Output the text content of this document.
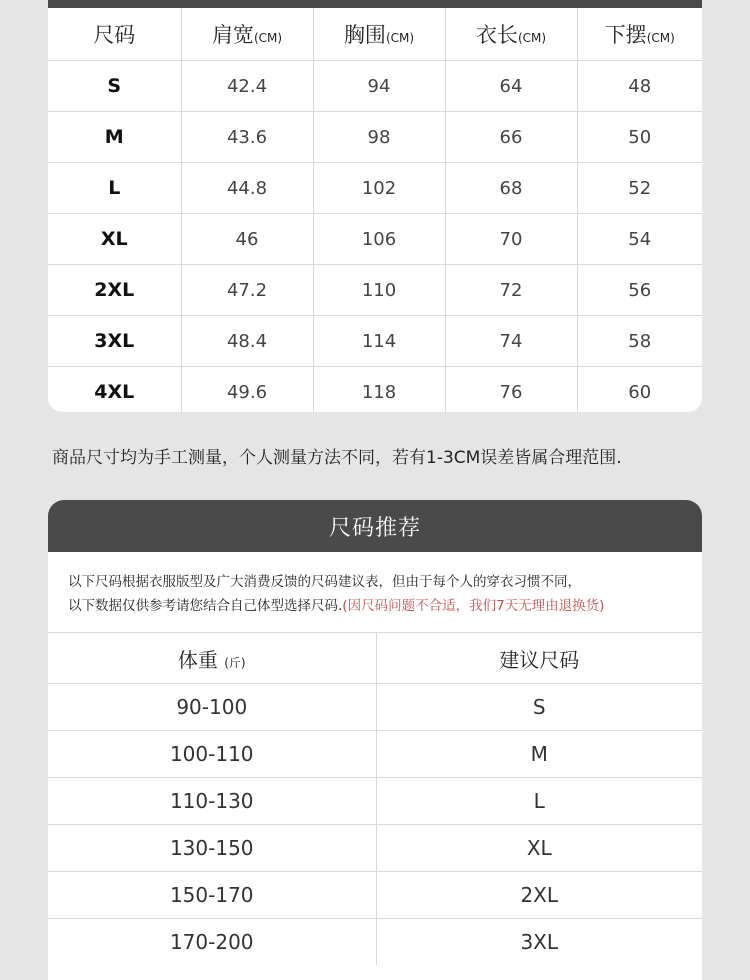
尺码	肩宽(CM)	胸围(CM)	衣长(CM)	下摆(CM)
S	42.4	94	64	48
M	43.6	98	66	50
L	44.8	102	68	52
XL	46	106	70	54
2XL	47.2	110	72	56
3XL	48.4	114	74	58
4XL	49.6	118	76	60
商品尺寸均为手工测量，个人测量方法不同，若有1-3CM误差皆属合理范围.
尺码推荐
以下尺码根据衣服版型及广大消费反馈的尺码建议表，但由于每个人的穿衣习惯不同，
以下数据仅供参考请您结合自己体型选择尺码.(因尺码问题不合适，我们7天无理由退换货)
体重 (斤)	建议尺码
90-100	S
100-110	M
110-130	L
130-150	XL
150-170	2XL
170-200	3XL
